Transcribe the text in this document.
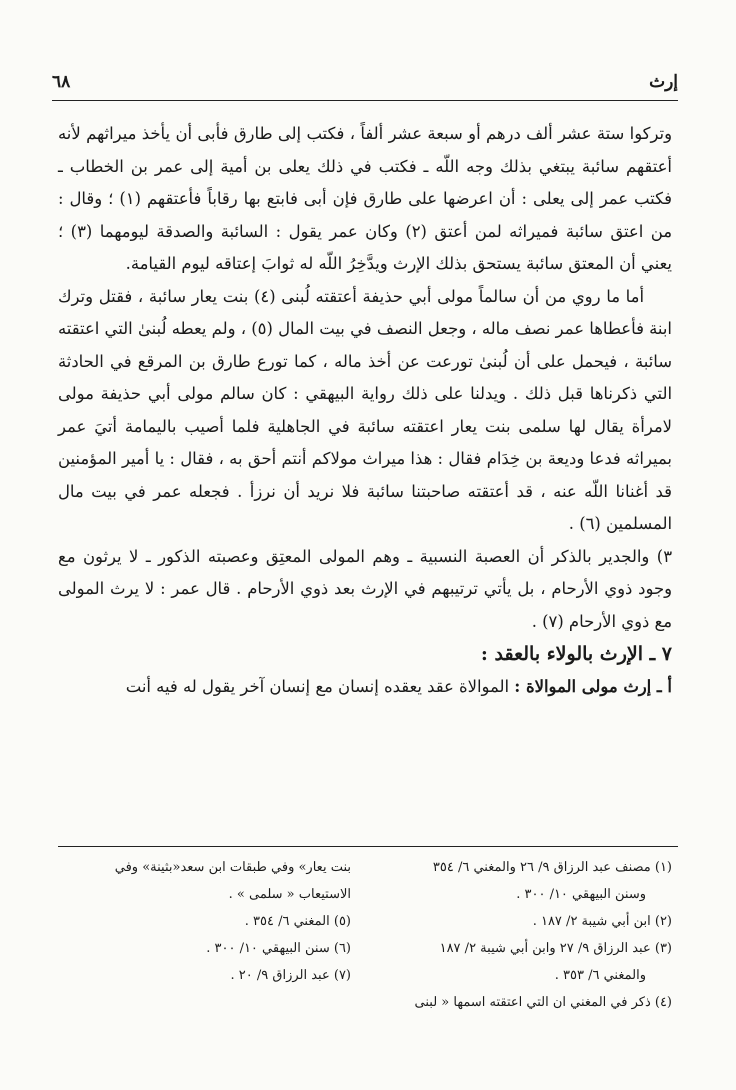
إرث
٦٨

وتركوا ستة عشر ألف درهم أو سبعة عشر ألفاً ، فكتب إلى طارق فأبى أن يأخذ ميراثهم لأنه أعتقهم سائبة يبتغي بذلك وجه اللّه ـ فكتب في ذلك يعلى بن أمية إلى عمر بن الخطاب ـ فكتب عمر إلى يعلى : أن اعرضها على طارق فإن أبى فابتع بها رقاباً فأعتقهم (١) ؛ وقال : من اعتق سائبة فميراثه لمن أعتق (٢) وكان عمر يقول : السائبة والصدقة ليومهما (٣) ؛ يعني أن المعتق سائبة يستحق بذلك الإرث ويدَّخِرُ اللّه له ثوابَ إعتاقه ليوم القيامة.

أما ما روي من أن سالماً مولى أبي حذيفة أعتقته لُبنى (٤) بنت يعار سائبة ، فقتل وترك ابنة فأعطاها عمر نصف ماله ، وجعل النصف في بيت المال (٥) ، ولم يعطه لُبنىٰ التي اعتقته سائبة ، فيحمل على أن لُبنىٰ تورعت عن أخذ ماله ، كما تورع طارق بن المرقع في الحادثة التي ذكرناها قبل ذلك . ويدلنا على ذلك رواية البيهقي : كان سالم مولى أبي حذيفة مولى لامرأة يقال لها سلمى بنت يعار اعتقته سائبة في الجاهلية فلما أصيب باليمامة أتيَ عمر بميراثه فدعا وديعة بن خِدَام فقال : هذا ميراث مولاكم أنتم أحق به ، فقال : يا أمير المؤمنين قد أغنانا اللّه عنه ، قد أعتقته صاحبتنا سائبة فلا نريد أن نرزأ . فجعله عمر في بيت مال المسلمين (٦) .

٣) والجدير بالذكر أن العصبة النسبية ـ وهم المولى المعتِق وعصبته الذكور ـ لا يرثون مع وجود ذوي الأرحام ، بل يأتي ترتيبهم في الإرث بعد ذوي الأرحام . قال عمر : لا يرث المولى مع ذوي الأرحام (٧) .

٧ ـ الإرث بالولاء بالعقد :

أ ـ إرث مولى الموالاة : الموالاة عقد يعقده إنسان مع إنسان آخر يقول له فيه أنت

(١) مصنف عبد الرزاق ٩/ ٢٦ والمغني ٦/ ٣٥٤

وسنن البيهقي ١٠/ ٣٠٠ .

(٢) ابن أبي شيبة ٢/ ١٨٧ .

(٣) عبد الرزاق ٩/ ٢٧ وابن أبي شيبة ٢/ ١٨٧

والمغني ٦/ ٣٥٣ .

(٤) ذكر في المغني ان التي اعتقته اسمها « لبنى

بنت يعار» وفي طبقات ابن سعد«بثينة» وفي

الاستيعاب « سلمى » .

(٥) المغني ٦/ ٣٥٤ .

(٦) سنن البيهقي ١٠/ ٣٠٠ .

(٧) عبد الرزاق ٩/ ٢٠ .
